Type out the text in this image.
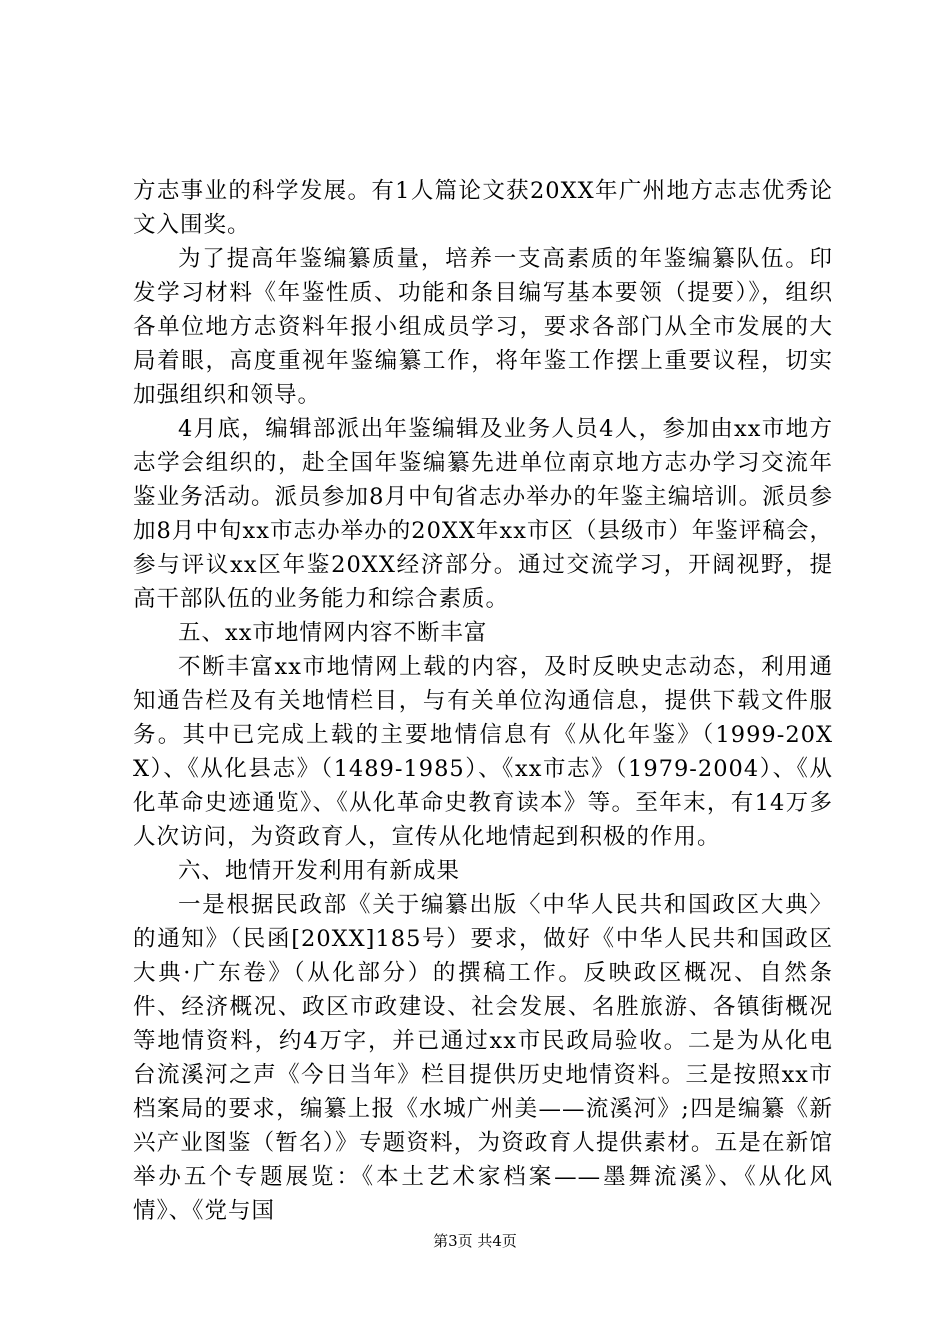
方志事业的科学发展。有1人篇论文获20XX年广州地方志志优秀论文入围奖。

为了提高年鉴编纂质量，培养一支高素质的年鉴编纂队伍。印发学习材料《年鉴性质、功能和条目编写基本要领（提要）》，组织各单位地方志资料年报小组成员学习，要求各部门从全市发展的大局着眼，高度重视年鉴编纂工作，将年鉴工作摆上重要议程，切实加强组织和领导。

4月底，编辑部派出年鉴编辑及业务人员4人，参加由xx市地方志学会组织的，赴全国年鉴编纂先进单位南京地方志办学习交流年鉴业务活动。派员参加8月中旬省志办举办的年鉴主编培训。派员参加8月中旬xx市志办举办的20XX年xx市区（县级市）年鉴评稿会，参与评议xx区年鉴20XX经济部分。通过交流学习，开阔视野，提高干部队伍的业务能力和综合素质。

五、xx市地情网内容不断丰富

不断丰富xx市地情网上载的内容，及时反映史志动态，利用通知通告栏及有关地情栏目，与有关单位沟通信息，提供下载文件服务。其中已完成上载的主要地情信息有《从化年鉴》（1999-20XX）、《从化县志》（1489-1985）、《xx市志》（1979-2004）、《从化革命史迹通览》、《从化革命史教育读本》等。至年末，有14万多人次访问，为资政育人，宣传从化地情起到积极的作用。

六、地情开发利用有新成果

一是根据民政部《关于编纂出版〈中华人民共和国政区大典〉的通知》（民函[20XX]185号）要求，做好《中华人民共和国政区大典·广东卷》（从化部分）的撰稿工作。反映政区概况、自然条件、经济概况、政区市政建设、社会发展、名胜旅游、各镇街概况等地情资料，约4万字，并已通过xx市民政局验收。二是为从化电台流溪河之声《今日当年》栏目提供历史地情资料。三是按照xx市档案局的要求，编纂上报《水城广州美——流溪河》;四是编纂《新兴产业图鉴（暂名）》专题资料，为资政育人提供素材。五是在新馆举办五个专题展览：《本土艺术家档案——墨舞流溪》、《从化风情》、《党与国

第3页 共4页
